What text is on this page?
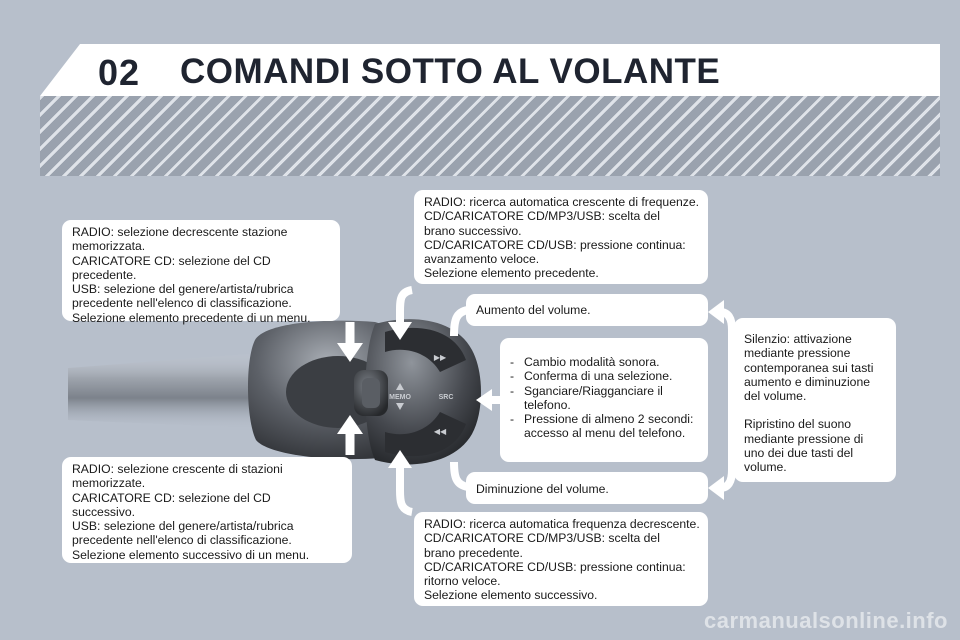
02 COMANDI SOTTO AL VOLANTE
MEMO	SRC
▶▶
◀◀
RADIO: selezione decrescente stazione
memorizzata.
CARICATORE CD: selezione del CD
precedente.
USB: selezione del genere/artista/rubrica
precedente nell'elenco di classificazione.
Selezione elemento precedente di un menu.
RADIO: ricerca automatica crescente di frequenze.
CD/CARICATORE CD/MP3/USB: scelta del
brano successivo.
CD/CARICATORE CD/USB: pressione continua:
avanzamento veloce.
Selezione elemento precedente.
Aumento del volume.
- Cambio modalità sonora.
- Conferma di una selezione.
- Sganciare/Riagganciare il telefono.
- Pressione di almeno 2 secondi: accesso al menu del telefono.
Diminuzione del volume.
Silenzio: attivazione
mediante pressione
contemporanea sui tasti
aumento e diminuzione
del volume.
Ripristino del suono
mediante pressione di
uno dei due tasti del
volume.
RADIO: selezione crescente di stazioni
memorizzate.
CARICATORE CD: selezione del CD
successivo.
USB: selezione del genere/artista/rubrica
precedente nell'elenco di classificazione.
Selezione elemento successivo di un menu.
RADIO: ricerca automatica frequenza decrescente.
CD/CARICATORE CD/MP3/USB: scelta del
brano precedente.
CD/CARICATORE CD/USB: pressione continua:
ritorno veloce.
Selezione elemento successivo.
carmanualsonline.info
